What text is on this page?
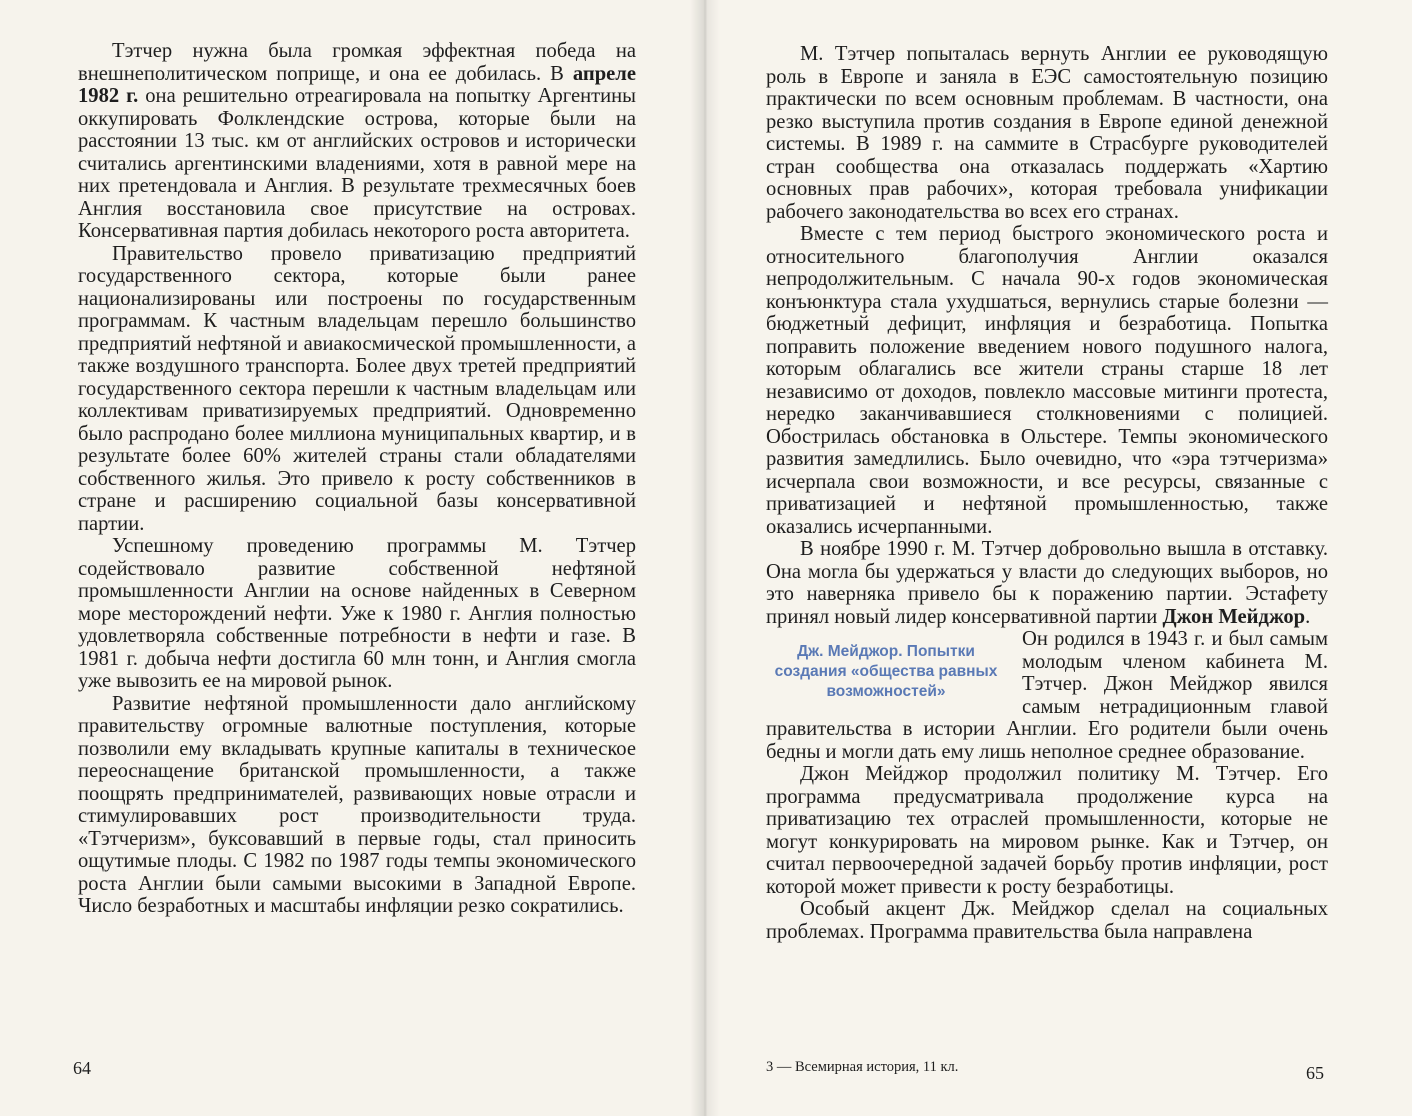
Тэтчер нужна была громкая эффектная победа на внешнеполитическом поприще, и она ее добилась. В апреле 1982 г. она решительно отреагировала на попытку Аргентины оккупировать Фолклендские острова, которые были на расстоянии 13 тыс. км от английских островов и исторически считались аргентинскими владениями, хотя в равной мере на них претендовала и Англия. В результате трехмесячных боев Англия восстановила свое присутствие на островах. Консервативная партия добилась некоторого роста авторитета.

Правительство провело приватизацию предприятий государственного сектора, которые были ранее национализированы или построены по государственным программам. К частным владельцам перешло большинство предприятий нефтяной и авиакосмической промышленности, а также воздушного транспорта. Более двух третей предприятий государственного сектора перешли к частным владельцам или коллективам приватизируемых предприятий. Одновременно было распродано более миллиона муниципальных квартир, и в результате более 60% жителей страны стали обладателями собственного жилья. Это привело к росту собственников в стране и расширению социальной базы консервативной партии.

Успешному проведению программы М. Тэтчер содействовало развитие собственной нефтяной промышленности Англии на основе найденных в Северном море месторождений нефти. Уже к 1980 г. Англия полностью удовлетворяла собственные потребности в нефти и газе. В 1981 г. добыча нефти достигла 60 млн тонн, и Англия смогла уже вывозить ее на мировой рынок.

Развитие нефтяной промышленности дало английскому правительству огромные валютные поступления, которые позволили ему вкладывать крупные капиталы в техническое переоснащение британской промышленности, а также поощрять предпринимателей, развивающих новые отрасли и стимулировавших рост производительности труда. «Тэтчеризм», буксовавший в первые годы, стал приносить ощутимые плоды. С 1982 по 1987 годы темпы экономического роста Англии были самыми высокими в Западной Европе. Число безработных и масштабы инфляции резко сократились.

64

М. Тэтчер попыталась вернуть Англии ее руководящую роль в Европе и заняла в ЕЭС самостоятельную позицию практически по всем основным проблемам. В частности, она резко выступила против создания в Европе единой денежной системы. В 1989 г. на саммите в Страсбурге руководителей стран сообщества она отказалась поддержать «Хартию основных прав рабочих», которая требовала унификации рабочего законодательства во всех его странах.

Вместе с тем период быстрого экономического роста и относительного благополучия Англии оказался непродолжительным. С начала 90-х годов экономическая конъюнктура стала ухудшаться, вернулись старые болезни — бюджетный дефицит, инфляция и безработица. Попытка поправить положение введением нового подушного налога, которым облагались все жители страны старше 18 лет независимо от доходов, повлекло массовые митинги протеста, нередко заканчивавшиеся столкновениями с полицией. Обострилась обстановка в Ольстере. Темпы экономического развития замедлились. Было очевидно, что «эра тэтчеризма» исчерпала свои возможности, и все ресурсы, связанные с приватизацией и нефтяной промышленностью, также оказались исчерпанными.

В ноябре 1990 г. М. Тэтчер добровольно вышла в отставку. Она могла бы удержаться у власти до следующих выборов, но это наверняка привело бы к поражению партии. Эстафету принял новый лидер консервативной партии Джон Мейджор.

Дж. Мейджор. Попытки создания «общества равных возможностей»

Он родился в 1943 г. и был самым молодым членом кабинета М. Тэтчер. Джон Мейджор явился самым нетрадиционным главой правительства в истории Англии. Его родители были очень бедны и могли дать ему лишь неполное среднее образование.

Джон Мейджор продолжил политику М. Тэтчер. Его программа предусматривала продолжение курса на приватизацию тех отраслей промышленности, которые не могут конкурировать на мировом рынке. Как и Тэтчер, он считал первоочередной задачей борьбу против инфляции, рост которой может привести к росту безработицы.

Особый акцент Дж. Мейджор сделал на социальных проблемах. Программа правительства была направлена

3 — Всемирная история, 11 кл.	65
